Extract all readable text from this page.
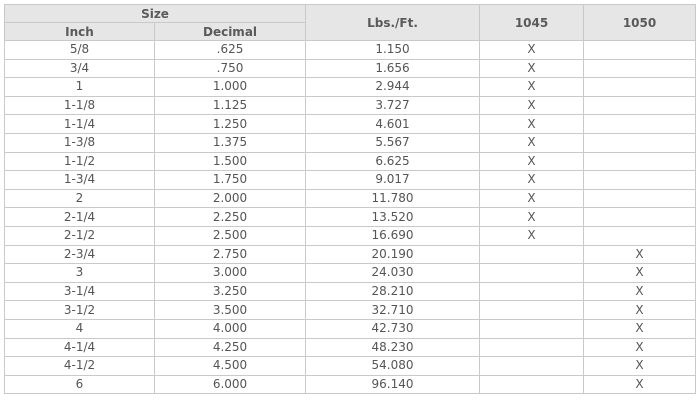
Size		Lbs./Ft.	1045	1050
Inch	Decimal			
5/8	.625	1.150	X	
3/4	.750	1.656	X	
1	1.000	2.944	X	
1-1/8	1.125	3.727	X	
1-1/4	1.250	4.601	X	
1-3/8	1.375	5.567	X	
1-1/2	1.500	6.625	X	
1-3/4	1.750	9.017	X	
2	2.000	11.780	X	
2-1/4	2.250	13.520	X	
2-1/2	2.500	16.690	X	
2-3/4	2.750	20.190		X
3	3.000	24.030		X
3-1/4	3.250	28.210		X
3-1/2	3.500	32.710		X
4	4.000	42.730		X
4-1/4	4.250	48.230		X
4-1/2	4.500	54.080		X
6	6.000	96.140		X
